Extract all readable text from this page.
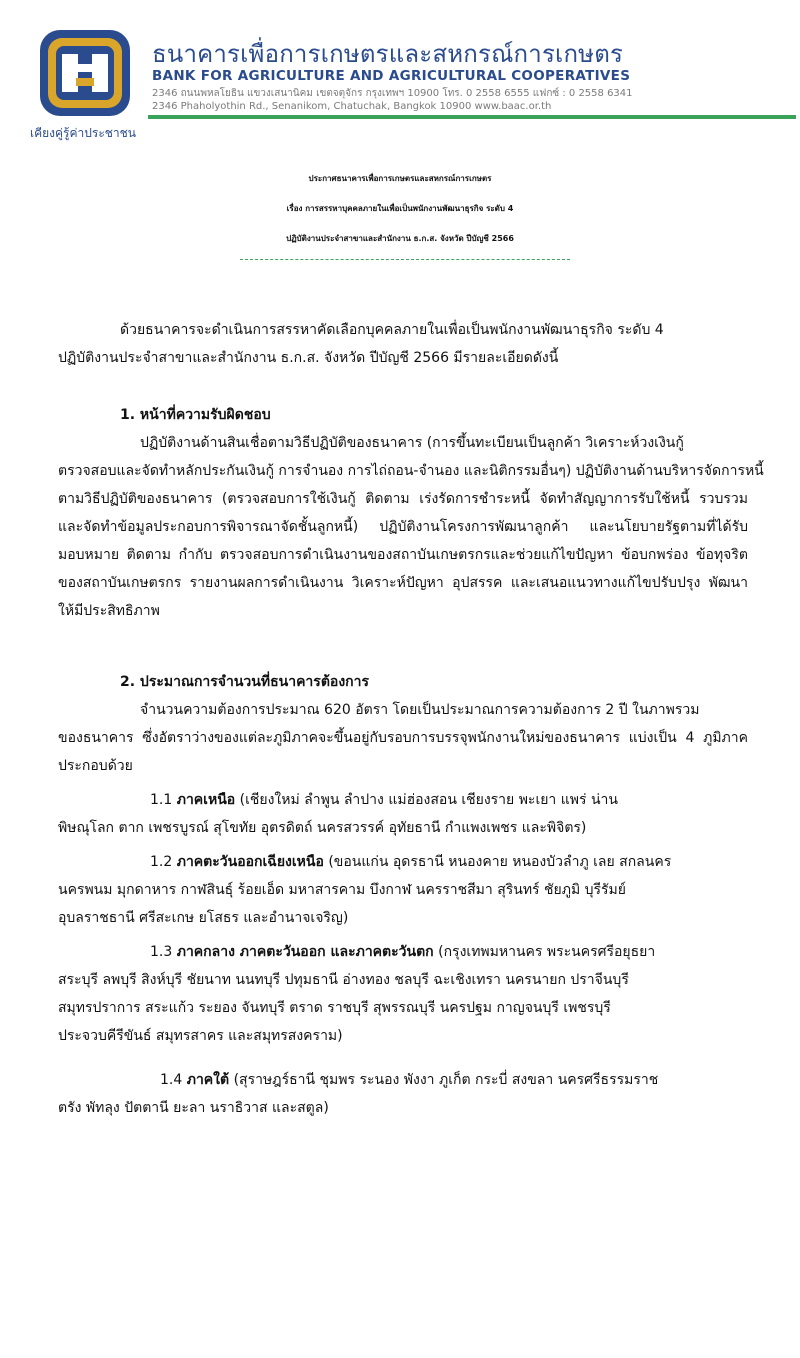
เคียงคู่รู้ค่าประชาชน
ธนาคารเพื่อการเกษตรและสหกรณ์การเกษตร
BANK FOR AGRICULTURE AND AGRICULTURAL COOPERATIVES
2346 ถนนพหลโยธิน แขวงเสนานิคม เขตจตุจักร กรุงเทพฯ 10900 โทร. 0 2558 6555 แฟกซ์ : 0 2558 6341
2346 Phaholyothin Rd., Senanikom, Chatuchak, Bangkok 10900 www.baac.or.th
ประกาศธนาคารเพื่อการเกษตรและสหกรณ์การเกษตร
เรื่อง การสรรหาบุคคลภายในเพื่อเป็นพนักงานพัฒนาธุรกิจ ระดับ 4
ปฏิบัติงานประจำสาขาและสำนักงาน ธ.ก.ส. จังหวัด ปีบัญชี 2566
ด้วยธนาคารจะดำเนินการสรรหาคัดเลือกบุคคลภายในเพื่อเป็นพนักงานพัฒนาธุรกิจ ระดับ 4
ปฏิบัติงานประจำสาขาและสำนักงาน ธ.ก.ส. จังหวัด ปีบัญชี 2566 มีรายละเอียดดังนี้
1. หน้าที่ความรับผิดชอบ
ปฏิบัติงานด้านสินเชื่อตามวิธีปฏิบัติของธนาคาร (การขึ้นทะเบียนเป็นลูกค้า วิเคราะห์วงเงินกู้
ตรวจสอบและจัดทำหลักประกันเงินกู้ การจำนอง การไถ่ถอน-จำนอง และนิติกรรมอื่นๆ) ปฏิบัติงานด้านบริหารจัดการหนี้
ตามวิธีปฏิบัติของธนาคาร (ตรวจสอบการใช้เงินกู้ ติดตาม เร่งรัดการชำระหนี้ จัดทำสัญญาการรับใช้หนี้ รวบรวม
และจัดทำข้อมูลประกอบการพิจารณาจัดชั้นลูกหนี้) ปฏิบัติงานโครงการพัฒนาลูกค้า และนโยบายรัฐตามที่ได้รับ
มอบหมาย ติดตาม กำกับ ตรวจสอบการดำเนินงานของสถาบันเกษตรกรและช่วยแก้ไขปัญหา ข้อบกพร่อง ข้อทุจริต
ของสถาบันเกษตรกร รายงานผลการดำเนินงาน วิเคราะห์ปัญหา อุปสรรค และเสนอแนวทางแก้ไขปรับปรุง พัฒนา
ให้มีประสิทธิภาพ
2. ประมาณการจำนวนที่ธนาคารต้องการ
จำนวนความต้องการประมาณ 620 อัตรา โดยเป็นประมาณการความต้องการ 2 ปี ในภาพรวม
ของธนาคาร ซึ่งอัตราว่างของแต่ละภูมิภาคจะขึ้นอยู่กับรอบการบรรจุพนักงานใหม่ของธนาคาร แบ่งเป็น 4 ภูมิภาค
ประกอบด้วย
1.1 ภาคเหนือ (เชียงใหม่ ลำพูน ลำปาง แม่ฮ่องสอน เชียงราย พะเยา แพร่ น่าน
พิษณุโลก ตาก เพชรบูรณ์ สุโขทัย อุตรดิตถ์ นครสวรรค์ อุทัยธานี กำแพงเพชร และพิจิตร)
1.2 ภาคตะวันออกเฉียงเหนือ (ขอนแก่น อุดรธานี หนองคาย หนองบัวลำภู เลย สกลนคร
นครพนม มุกดาหาร กาฬสินธุ์ ร้อยเอ็ด มหาสารคาม บึงกาฬ นครราชสีมา สุรินทร์ ชัยภูมิ บุรีรัมย์
อุบลราชธานี ศรีสะเกษ ยโสธร และอำนาจเจริญ)
1.3 ภาคกลาง ภาคตะวันออก และภาคตะวันตก (กรุงเทพมหานคร พระนครศรีอยุธยา
สระบุรี ลพบุรี สิงห์บุรี ชัยนาท นนทบุรี ปทุมธานี อ่างทอง ชลบุรี ฉะเชิงเทรา นครนายก ปราจีนบุรี
สมุทรปราการ สระแก้ว ระยอง จันทบุรี ตราด ราชบุรี สุพรรณบุรี นครปฐม กาญจนบุรี เพชรบุรี
ประจวบคีรีขันธ์ สมุทรสาคร และสมุทรสงคราม)
1.4 ภาคใต้ (สุราษฎร์ธานี ชุมพร ระนอง พังงา ภูเก็ต กระบี่ สงขลา นครศรีธรรมราช
ตรัง พัทลุง ปัตตานี ยะลา นราธิวาส และสตูล)
